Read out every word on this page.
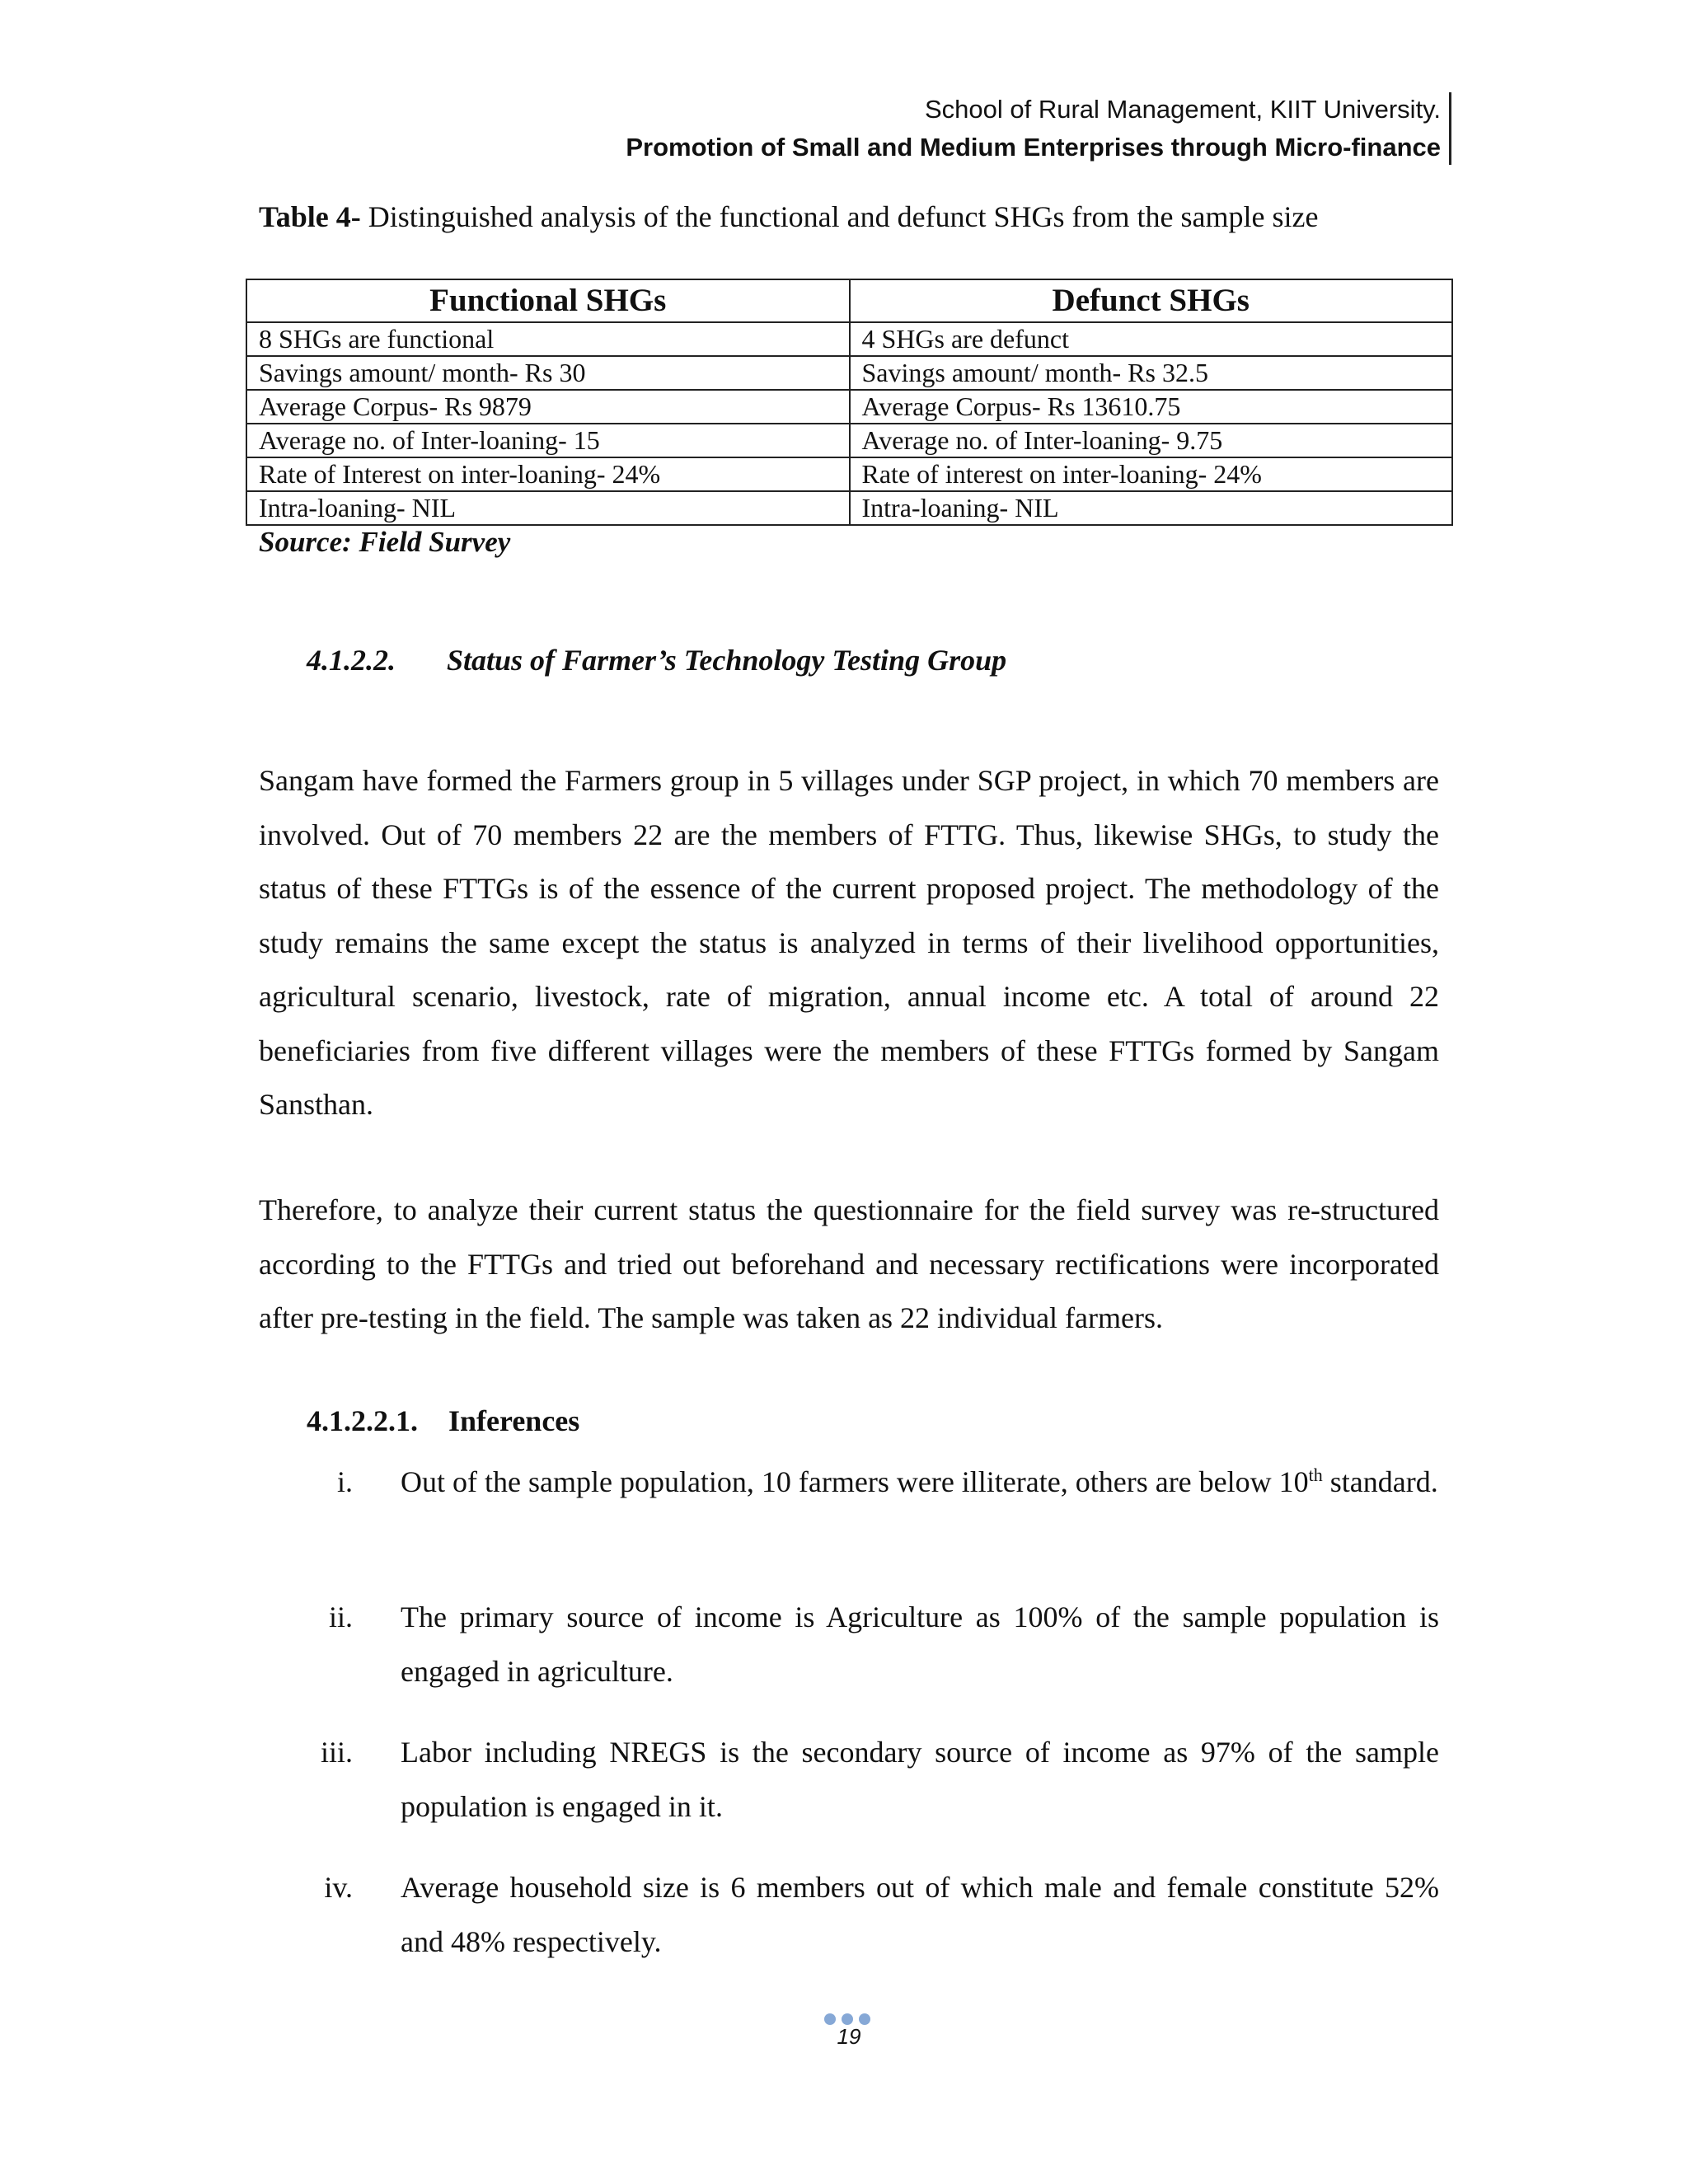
School of Rural Management, KIIT University.
Promotion of Small and Medium Enterprises through Micro-finance
Table 4- Distinguished analysis of the functional and defunct SHGs from the sample size
Functional SHGs	Defunct SHGs
8 SHGs are functional	4 SHGs are defunct
Savings amount/ month- Rs 30	Savings amount/ month- Rs 32.5
Average Corpus- Rs 9879	Average Corpus- Rs 13610.75
Average no. of Inter-loaning- 15	Average no. of Inter-loaning- 9.75
Rate of Interest on inter-loaning- 24%	Rate of interest on inter-loaning- 24%
Intra-loaning- NIL	Intra-loaning- NIL
Source: Field Survey
4.1.2.2. Status of Farmer’s Technology Testing Group

Sangam have formed the Farmers group in 5 villages under SGP project, in which 70 members are involved. Out of 70 members 22 are the members of FTTG. Thus, likewise SHGs, to study the status of these FTTGs is of the essence of the current proposed project. The methodology of the study remains the same except the status is analyzed in terms of their livelihood opportunities, agricultural scenario, livestock, rate of migration, annual income etc. A total of around 22 beneficiaries from five different villages were the members of these FTTGs formed by Sangam Sansthan.

Therefore, to analyze their current status the questionnaire for the field survey was re-structured according to the FTTGs and tried out beforehand and necessary rectifications were incorporated after pre-testing in the field. The sample was taken as 22 individual farmers.

4.1.2.2.1. Inferences
i. Out of the sample population, 10 farmers were illiterate, others are below 10th standard.
ii. The primary source of income is Agriculture as 100% of the sample population is engaged in agriculture.
iii. Labor including NREGS is the secondary source of income as 97% of the sample population is engaged in it.
iv. Average household size is 6 members out of which male and female constitute 52% and 48% respectively.
19
